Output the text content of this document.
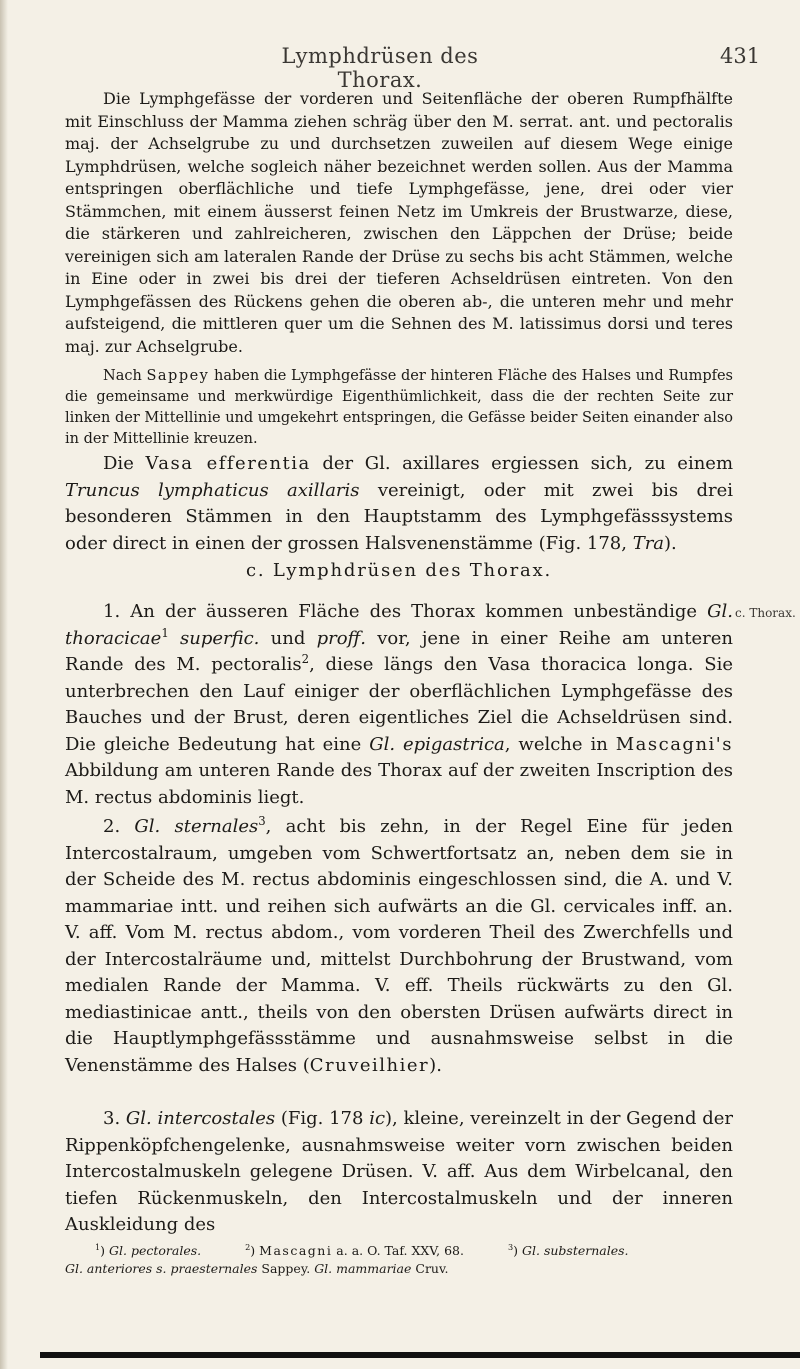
Lymphdrüsen des Thorax.
431

Die Lymphgefässe der vorderen und Seitenfläche der oberen Rumpfhälfte mit Einschluss der Mamma ziehen schräg über den M. serrat. ant. und pectoralis maj. der Achselgrube zu und durchsetzen zuweilen auf diesem Wege einige Lymphdrüsen, welche sogleich näher bezeichnet werden sollen. Aus der Mamma entspringen oberflächliche und tiefe Lymphgefässe, jene, drei oder vier Stämmchen, mit einem äusserst feinen Netz im Umkreis der Brustwarze, diese, die stärkeren und zahlreicheren, zwischen den Läppchen der Drüse; beide vereinigen sich am lateralen Rande der Drüse zu sechs bis acht Stämmen, welche in Eine oder in zwei bis drei der tieferen Achseldrüsen eintreten. Von den Lymphgefässen des Rückens gehen die oberen ab-, die unteren mehr und mehr aufsteigend, die mittleren quer um die Sehnen des M. latissimus dorsi und teres maj. zur Achselgrube.

Nach Sappey haben die Lymphgefässe der hinteren Fläche des Halses und Rumpfes die gemeinsame und merkwürdige Eigenthümlichkeit, dass die der rechten Seite zur linken der Mittellinie und umgekehrt entspringen, die Gefässe beider Seiten einander also in der Mittellinie kreuzen.

Die Vasa efferentia der Gl. axillares ergiessen sich, zu einem Truncus lymphaticus axillaris vereinigt, oder mit zwei bis drei besonderen Stämmen in den Hauptstamm des Lymphgefässsystems oder direct in einen der grossen Halsvenenstämme (Fig. 178, Tra).

c. Lymphdrüsen des Thorax.

c. Thorax.

1. An der äusseren Fläche des Thorax kommen unbeständige Gl. thoracicae$^1$ superfic. und proff. vor, jene in einer Reihe am unteren Rande des M. pectoralis$^2$, diese längs den Vasa thoracica longa. Sie unterbrechen den Lauf einiger der oberflächlichen Lymphgefässe des Bauches und der Brust, deren eigentliches Ziel die Achseldrüsen sind. Die gleiche Bedeutung hat eine Gl. epigastrica, welche in Mascagni's Abbildung am unteren Rande des Thorax auf der zweiten Inscription des M. rectus abdominis liegt.

2. Gl. sternales$^3$, acht bis zehn, in der Regel Eine für jeden Intercostalraum, umgeben vom Schwertfortsatz an, neben dem sie in der Scheide des M. rectus abdominis eingeschlossen sind, die A. und V. mammariae intt. und reihen sich aufwärts an die Gl. cervicales inff. an. V. aff. Vom M. rectus abdom., vom vorderen Theil des Zwerchfells und der Intercostalräume und, mittelst Durchbohrung der Brustwand, vom medialen Rande der Mamma. V. eff. Theils rückwärts zu den Gl. mediastinicae antt., theils von den obersten Drüsen aufwärts direct in die Hauptlymphgefässstämme und ausnahmsweise selbst in die Venenstämme des Halses (Cruveilhier).

3. Gl. intercostales (Fig. 178 ic), kleine, vereinzelt in der Gegend der Rippenköpfchengelenke, ausnahmsweise weiter vorn zwischen beiden Intercostalmuskeln gelegene Drüsen. V. aff. Aus dem Wirbelcanal, den tiefen Rückenmuskeln, den Intercostalmuskeln und der inneren Auskleidung des

$^1$) Gl. pectorales.	$^2$) Mascagni a. a. O. Taf. XXV, 68.	$^3$) Gl. substernales.
Gl. anteriores s. praesternales Sappey. Gl. mammariae Cruv.
